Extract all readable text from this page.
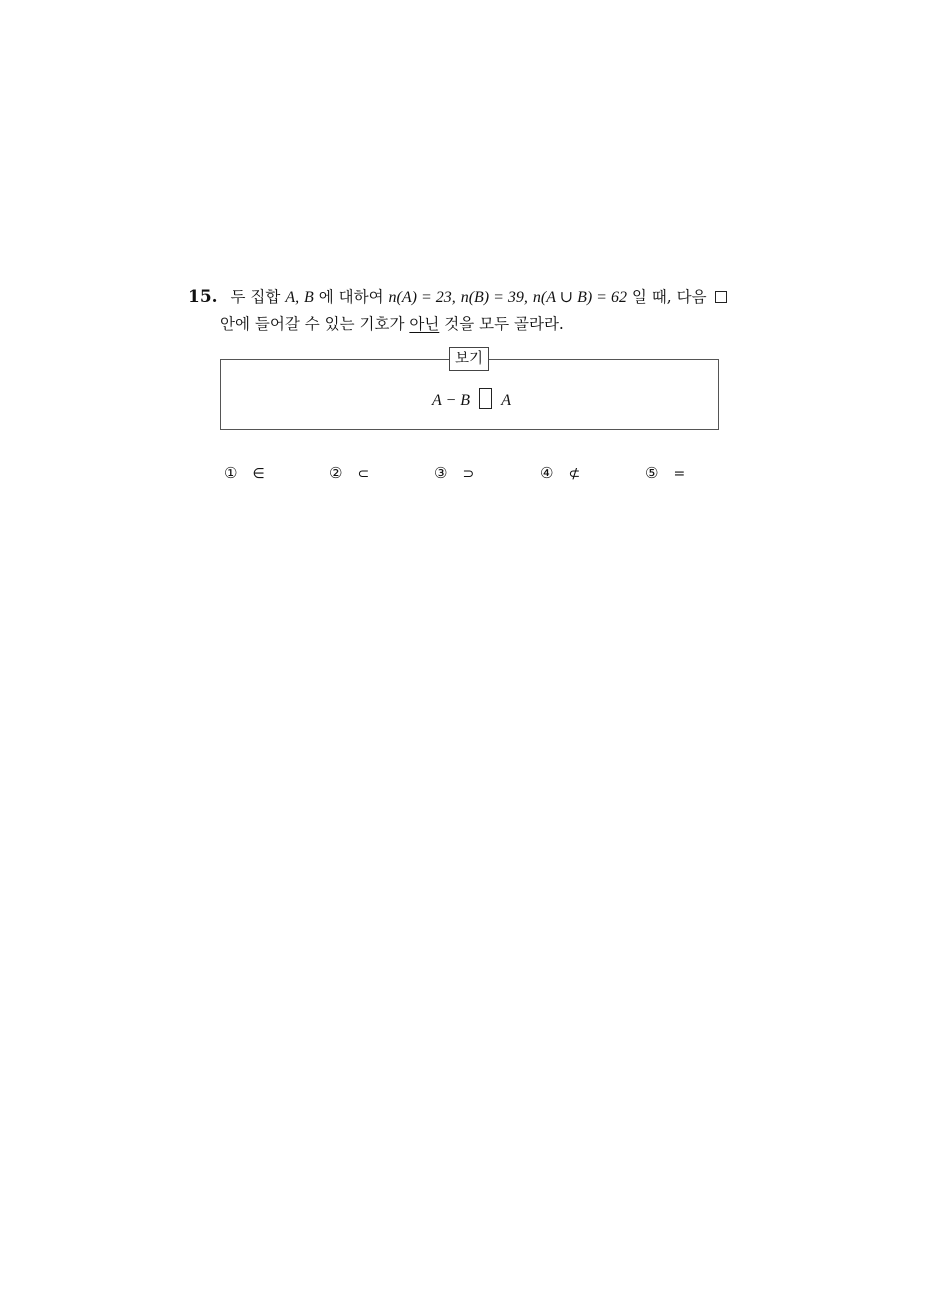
15. 두 집합 A, B 에 대하여 n(A) = 23, n(B) = 39, n(A ∪ B) = 62 일 때, 다음
안에 들어갈 수 있는 기호가 아닌 것을 모두 골라라.
보기
A − B A
① ∈	② ⊂	③ ⊃	④ ⊄	⑤ =
